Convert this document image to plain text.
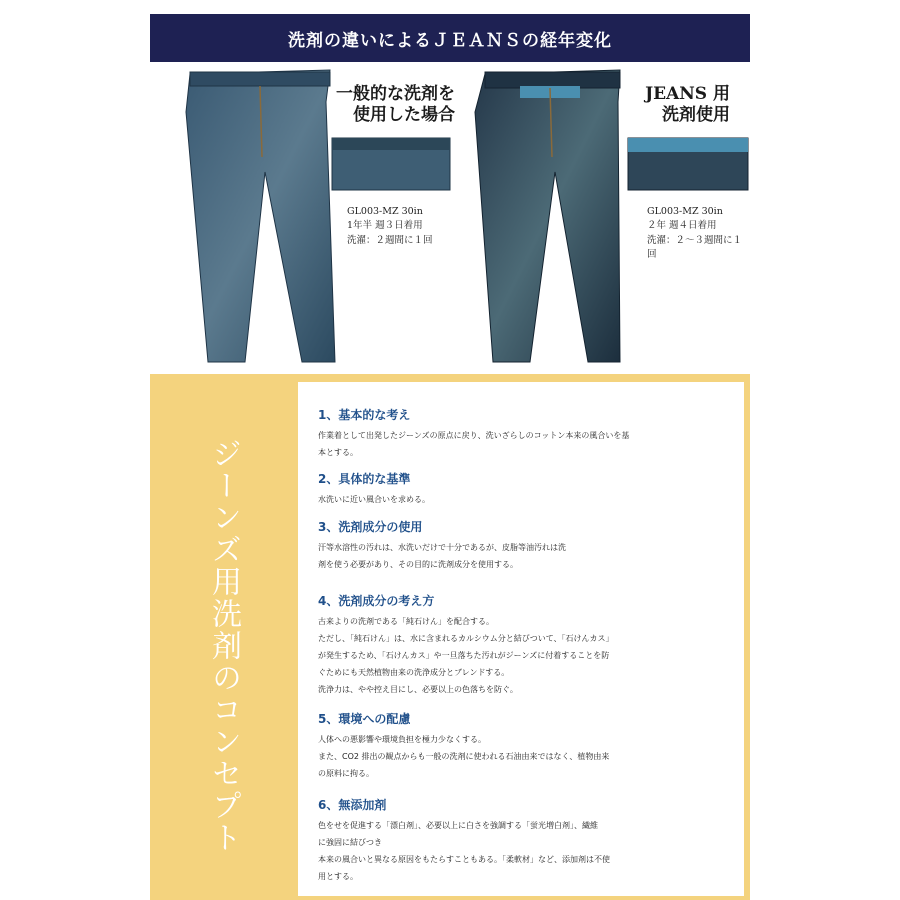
洗剤の違いによるＪＥＡＮＳの経年変化
一般的な洗剤を
使用した場合
JEANS 用
洗剤使用
GL003-MZ 30in
1年半 週３日着用
洗濯：２週間に１回
GL003-MZ 30in
２年 週４日着用
洗濯：２～３週間に１回
ジーンズ用洗剤のコンセプト
1、基本的な考え

作業着として出発したジーンズの原点に戻り、洗いざらしのコットン本来の風合いを基
本とする。

2、具体的な基準

水洗いに近い風合いを求める。

3、洗剤成分の使用

汗等水溶性の汚れは、水洗いだけで十分であるが、皮脂等油汚れは洗
剤を使う必要があり、その目的に洗剤成分を使用する。

4、洗剤成分の考え方

古来よりの洗剤である「純石けん」を配合する。
ただし、「純石けん」は、水に含まれるカルシウム分と結びついて、「石けんカス」
が発生するため、「石けんカス」や一旦落ちた汚れがジーンズに付着することを防
ぐためにも天然植物由来の洗浄成分とブレンドする。
洗浄力は、やや控え目にし、必要以上の色落ちを防ぐ。

5、環境への配慮

人体への悪影響や環境負担を極力少なくする。
また、CO2 排出の観点からも一般の洗剤に使われる石油由来ではなく、植物由来
の原料に拘る。

6、無添加剤

色をせを促進する「漂白剤」、必要以上に白さを強調する「蛍光増白剤」、繊維
に強固に結びつき
本来の風合いと異なる原因をもたらすこともある。「柔軟材」など、添加剤は不使
用とする。
